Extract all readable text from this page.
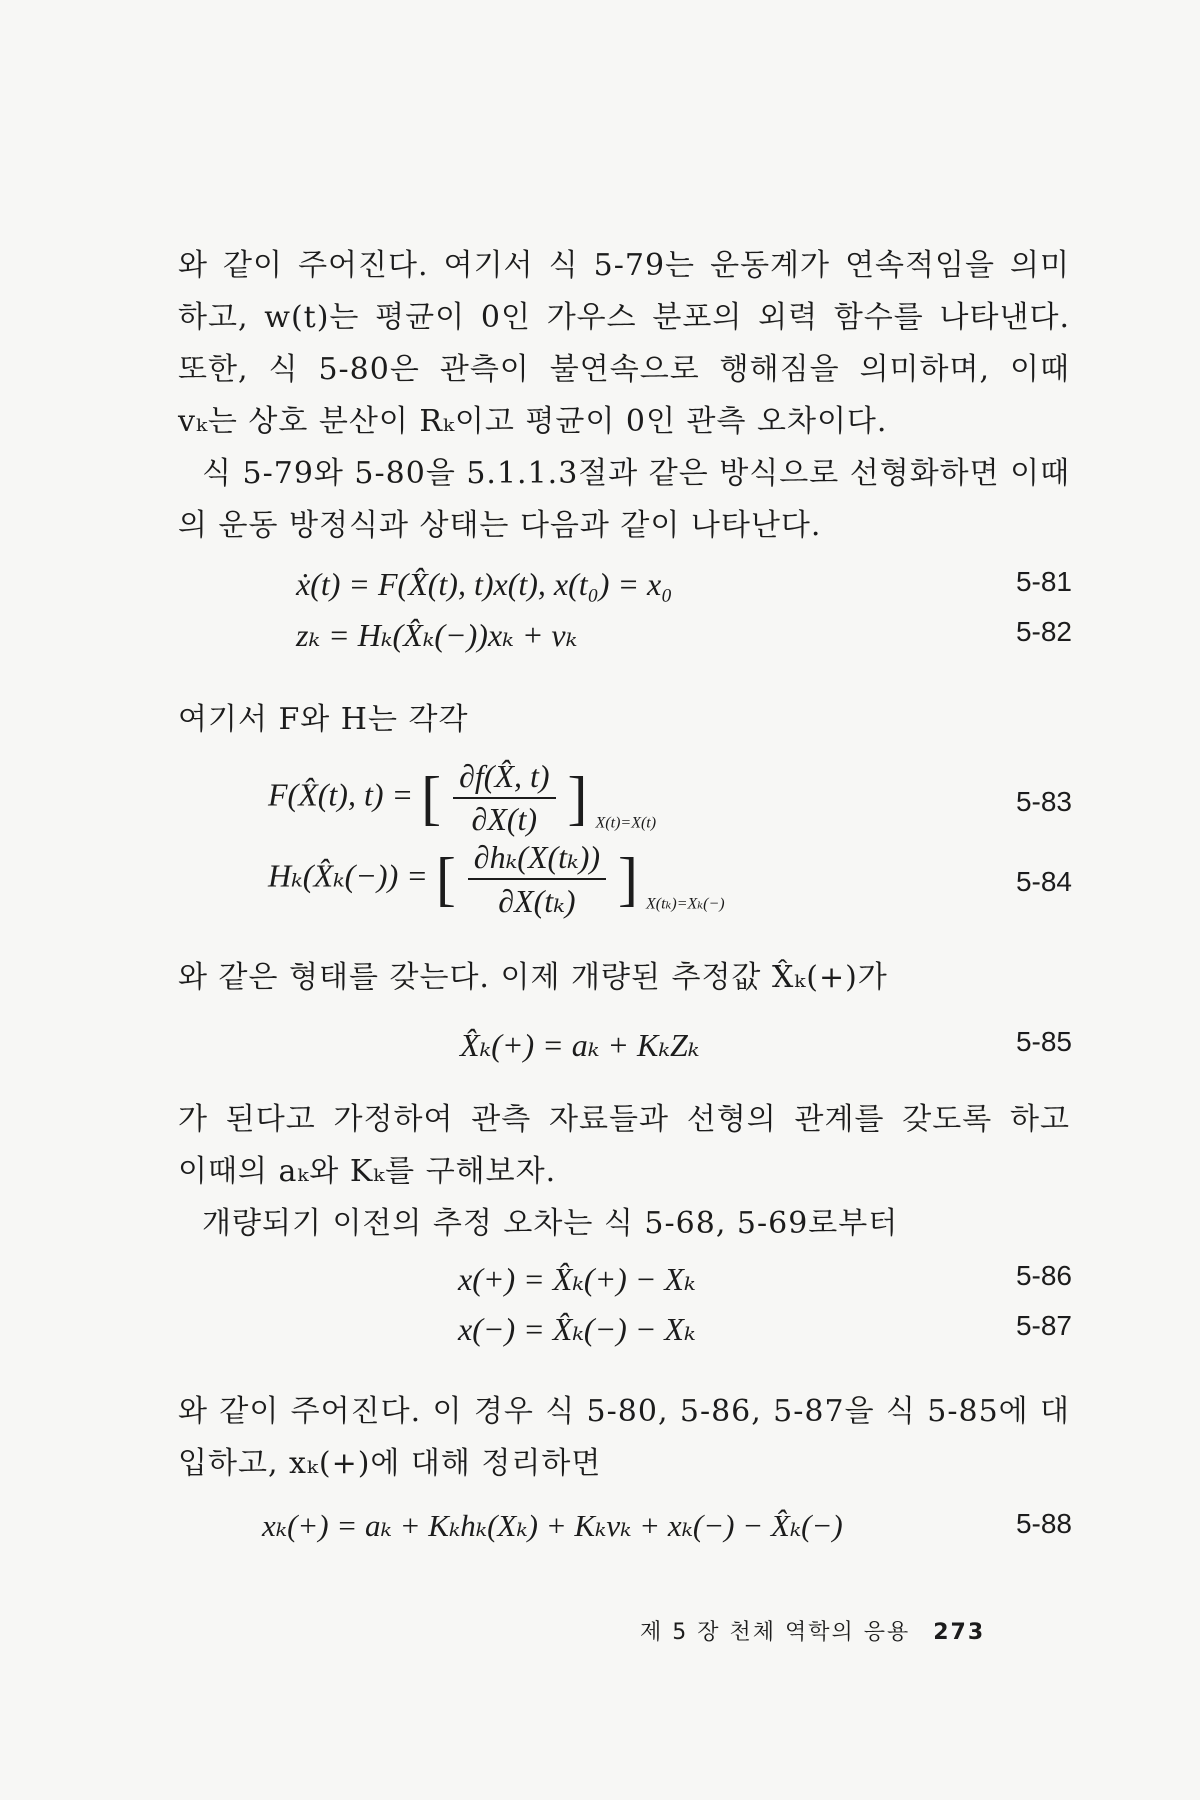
와 같이 주어진다. 여기서 식 5-79는 운동계가 연속적임을 의미
하고, w(t)는 평균이 0인 가우스 분포의 외력 함수를 나타낸다.
또한, 식 5-80은 관측이 불연속으로 행해짐을 의미하며, 이때
vₖ는 상호 분산이 Rₖ이고 평균이 0인 관측 오차이다.
식 5-79와 5-80을 5.1.1.3절과 같은 방식으로 선형화하면 이때
의 운동 방정식과 상태는 다음과 같이 나타난다.
ẋ(t) = F(X̂(t), t)x(t), x(t₀) = x₀	5-81
zₖ = Hₖ(X̂ₖ(−))xₖ + vₖ	5-82
여기서 F와 H는 각각
F(X̂(t), t) = [ $\frac{\partial f(X̂, t)}{\partial X(t)}$ ] $_{X(t)=X(t)}$
5-83
Hₖ(X̂ₖ(−)) = [ $\frac{\text{∂hₖ(X(tₖ))}}{\text{∂X(tₖ)}}$ ] $_{X(t_k)=X_k(-)}$
5-84
와 같은 형태를 갖는다. 이제 개량된 추정값 X̂ₖ(+)가
X̂ₖ(+) = aₖ + KₖZₖ	5-85
가 된다고 가정하여 관측 자료들과 선형의 관계를 갖도록 하고
이때의 aₖ와 Kₖ를 구해보자.
개량되기 이전의 추정 오차는 식 5-68, 5-69로부터
x(+) = X̂ₖ(+) − Xₖ	5-86
x(−) = X̂ₖ(−) − Xₖ	5-87
와 같이 주어진다. 이 경우 식 5-80, 5-86, 5-87을 식 5-85에 대
입하고, xₖ(+)에 대해 정리하면
xₖ(+) = aₖ + Kₖhₖ(Xₖ) + Kₖvₖ + xₖ(−) − X̂ₖ(−)	5-88
제 5 장 천체 역학의 응용 273
